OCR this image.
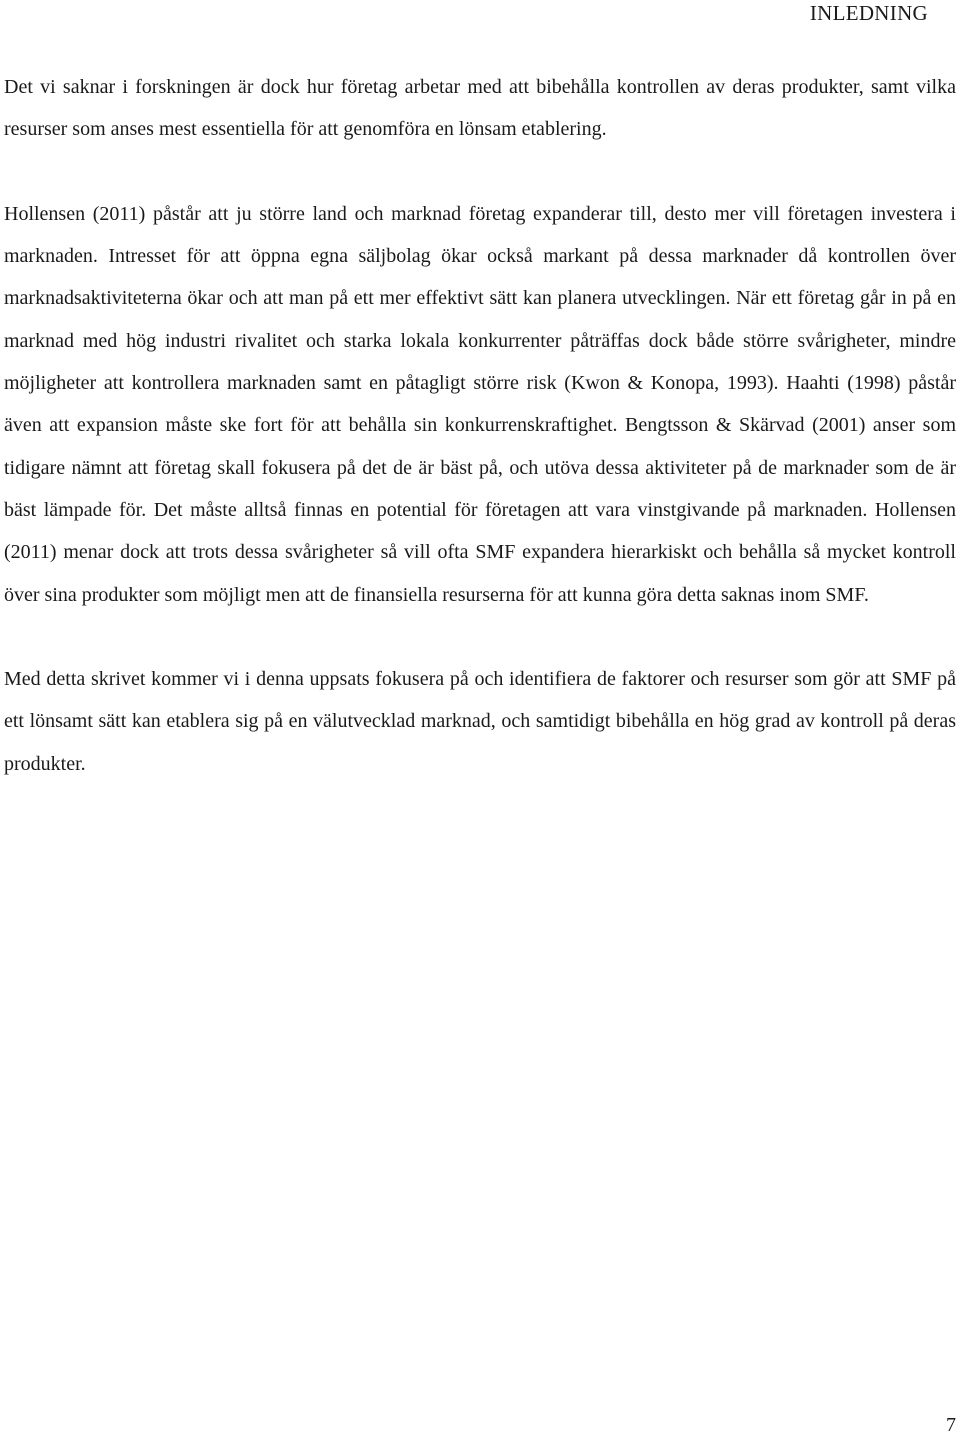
INLEDNING

Det vi saknar i forskningen är dock hur företag arbetar med att bibehålla kontrollen av deras produkter, samt vilka resurser som anses mest essentiella för att genomföra en lönsam etablering.

Hollensen (2011) påstår att ju större land och marknad företag expanderar till, desto mer vill företagen investera i marknaden. Intresset för att öppna egna säljbolag ökar också markant på dessa marknader då kontrollen över marknadsaktiviteterna ökar och att man på ett mer effektivt sätt kan planera utvecklingen. När ett företag går in på en marknad med hög industri rivalitet och starka lokala konkurrenter påträffas dock både större svårigheter, mindre möjligheter att kontrollera marknaden samt en påtagligt större risk (Kwon & Konopa, 1993). Haahti (1998) påstår även att expansion måste ske fort för att behålla sin konkurrenskraftighet. Bengtsson & Skärvad (2001) anser som tidigare nämnt att företag skall fokusera på det de är bäst på, och utöva dessa aktiviteter på de marknader som de är bäst lämpade för. Det måste alltså finnas en potential för företagen att vara vinstgivande på marknaden. Hollensen (2011) menar dock att trots dessa svårigheter så vill ofta SMF expandera hierarkiskt och behålla så mycket kontroll över sina produkter som möjligt men att de finansiella resurserna för att kunna göra detta saknas inom SMF.

Med detta skrivet kommer vi i denna uppsats fokusera på och identifiera de faktorer och resurser som gör att SMF på ett lönsamt sätt kan etablera sig på en välutvecklad marknad, och samtidigt bibehålla en hög grad av kontroll på deras produkter.

7
